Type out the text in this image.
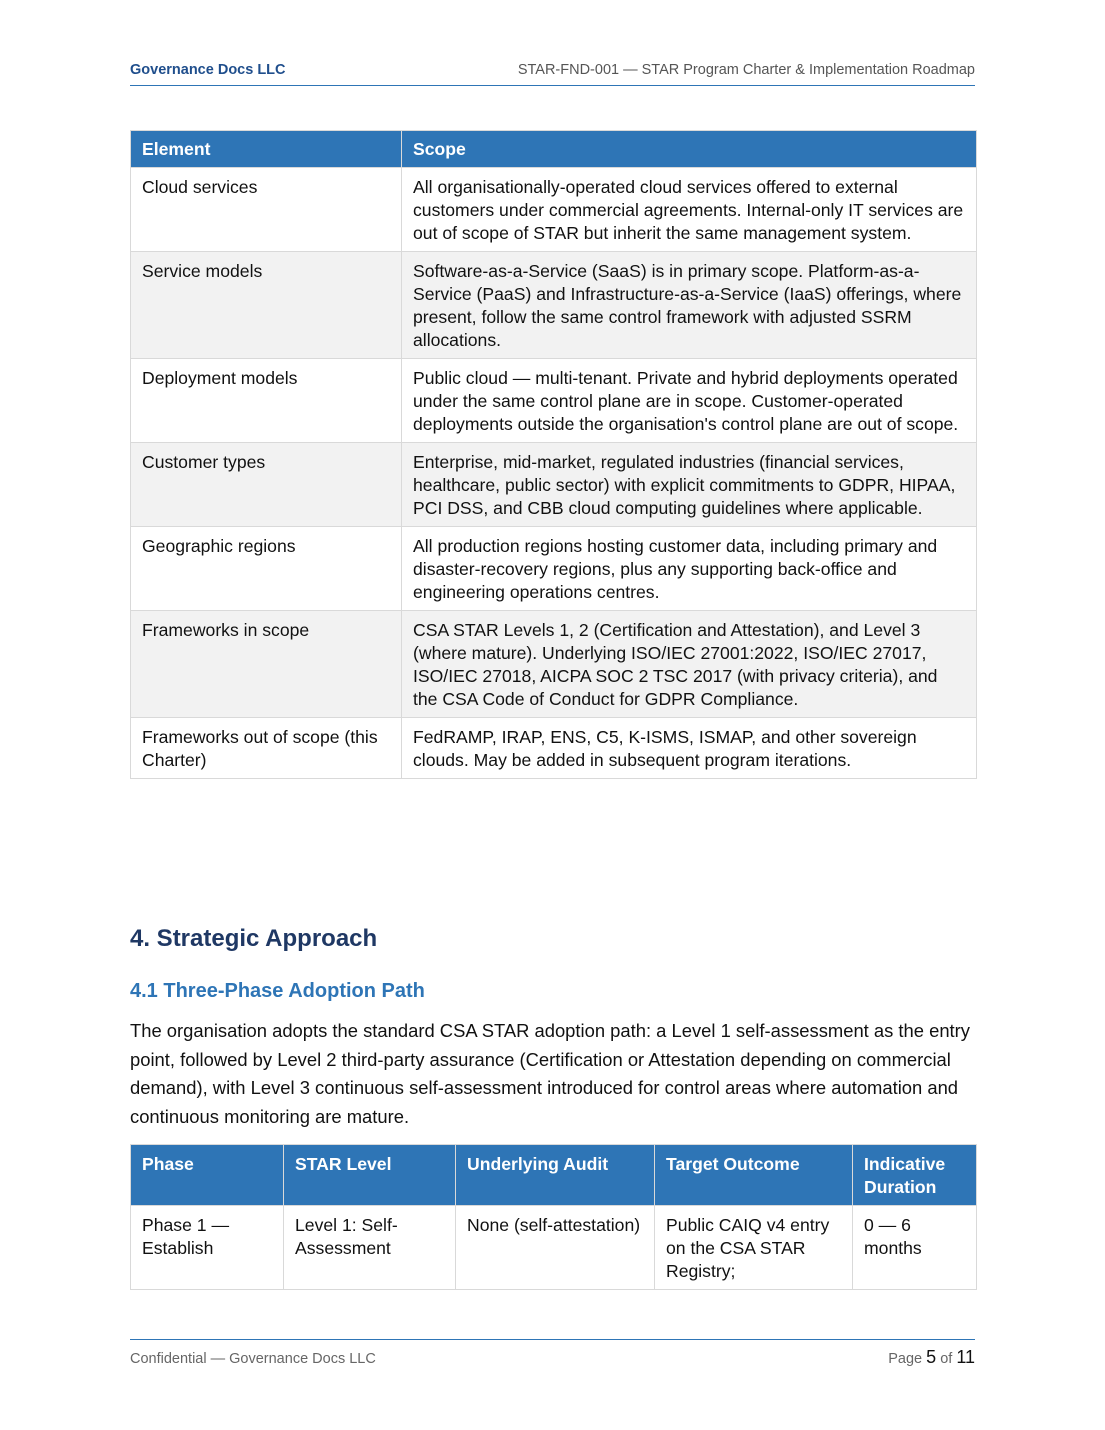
Governance Docs LLC	STAR-FND-001 — STAR Program Charter & Implementation Roadmap
Element	Scope
Cloud services	All organisationally-operated cloud services offered to external customers under commercial agreements. Internal-only IT services are out of scope of STAR but inherit the same management system.
Service models	Software-as-a-Service (SaaS) is in primary scope. Platform-as-a-Service (PaaS) and Infrastructure-as-a-Service (IaaS) offerings, where present, follow the same control framework with adjusted SSRM allocations.
Deployment models	Public cloud — multi-tenant. Private and hybrid deployments operated under the same control plane are in scope. Customer-operated deployments outside the organisation's control plane are out of scope.
Customer types	Enterprise, mid-market, regulated industries (financial services, healthcare, public sector) with explicit commitments to GDPR, HIPAA, PCI DSS, and CBB cloud computing guidelines where applicable.
Geographic regions	All production regions hosting customer data, including primary and disaster-recovery regions, plus any supporting back-office and engineering operations centres.
Frameworks in scope	CSA STAR Levels 1, 2 (Certification and Attestation), and Level 3 (where mature). Underlying ISO/IEC 27001:2022, ISO/IEC 27017, ISO/IEC 27018, AICPA SOC 2 TSC 2017 (with privacy criteria), and the CSA Code of Conduct for GDPR Compliance.
Frameworks out of scope (this Charter)	FedRAMP, IRAP, ENS, C5, K-ISMS, ISMAP, and other sovereign clouds. May be added in subsequent program iterations.
4. Strategic Approach
4.1 Three-Phase Adoption Path

The organisation adopts the standard CSA STAR adoption path: a Level 1 self-assessment as the entry point, followed by Level 2 third-party assurance (Certification or Attestation depending on commercial demand), with Level 3 continuous self-assessment introduced for control areas where automation and continuous monitoring are mature.

Phase	STAR Level	Underlying Audit	Target Outcome	Indicative Duration
Phase 1 — Establish	Level 1: Self-Assessment	None (self-attestation)	Public CAIQ v4 entry on the CSA STAR Registry;	0 — 6 months
Confidential — Governance Docs LLC	Page 5 of 11
